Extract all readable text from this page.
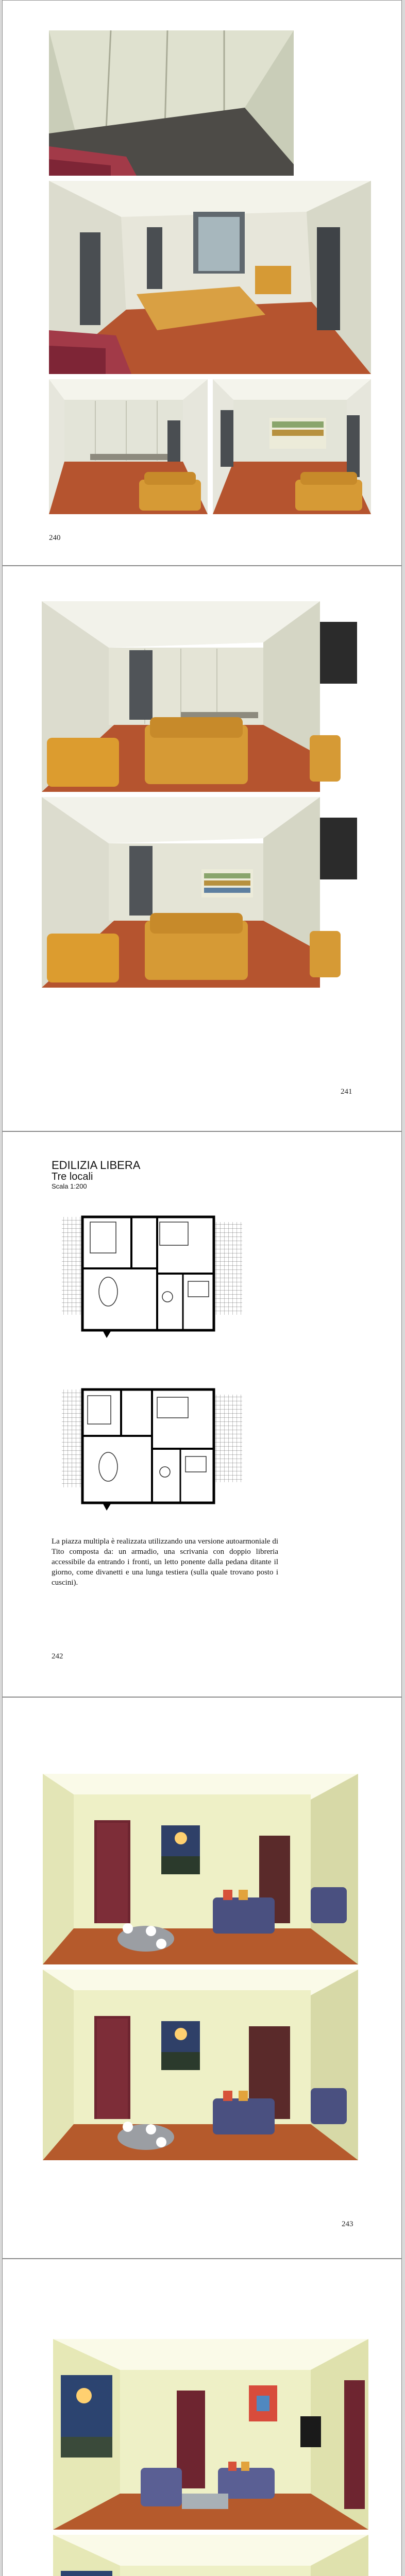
240
241
EDILIZIA LIBERA
Tre locali
Scala 1:200
La piazza multipla è realizzata utilizzando una versione autoarmoniale di Tito composta da: un armadio, una scrivania con doppio libreria accessibile da entrando i fronti, un letto ponente dalla pedana ditante il giorno, come divanetti e una lunga testiera (sulla quale trovano posto i cuscini).
242
243
